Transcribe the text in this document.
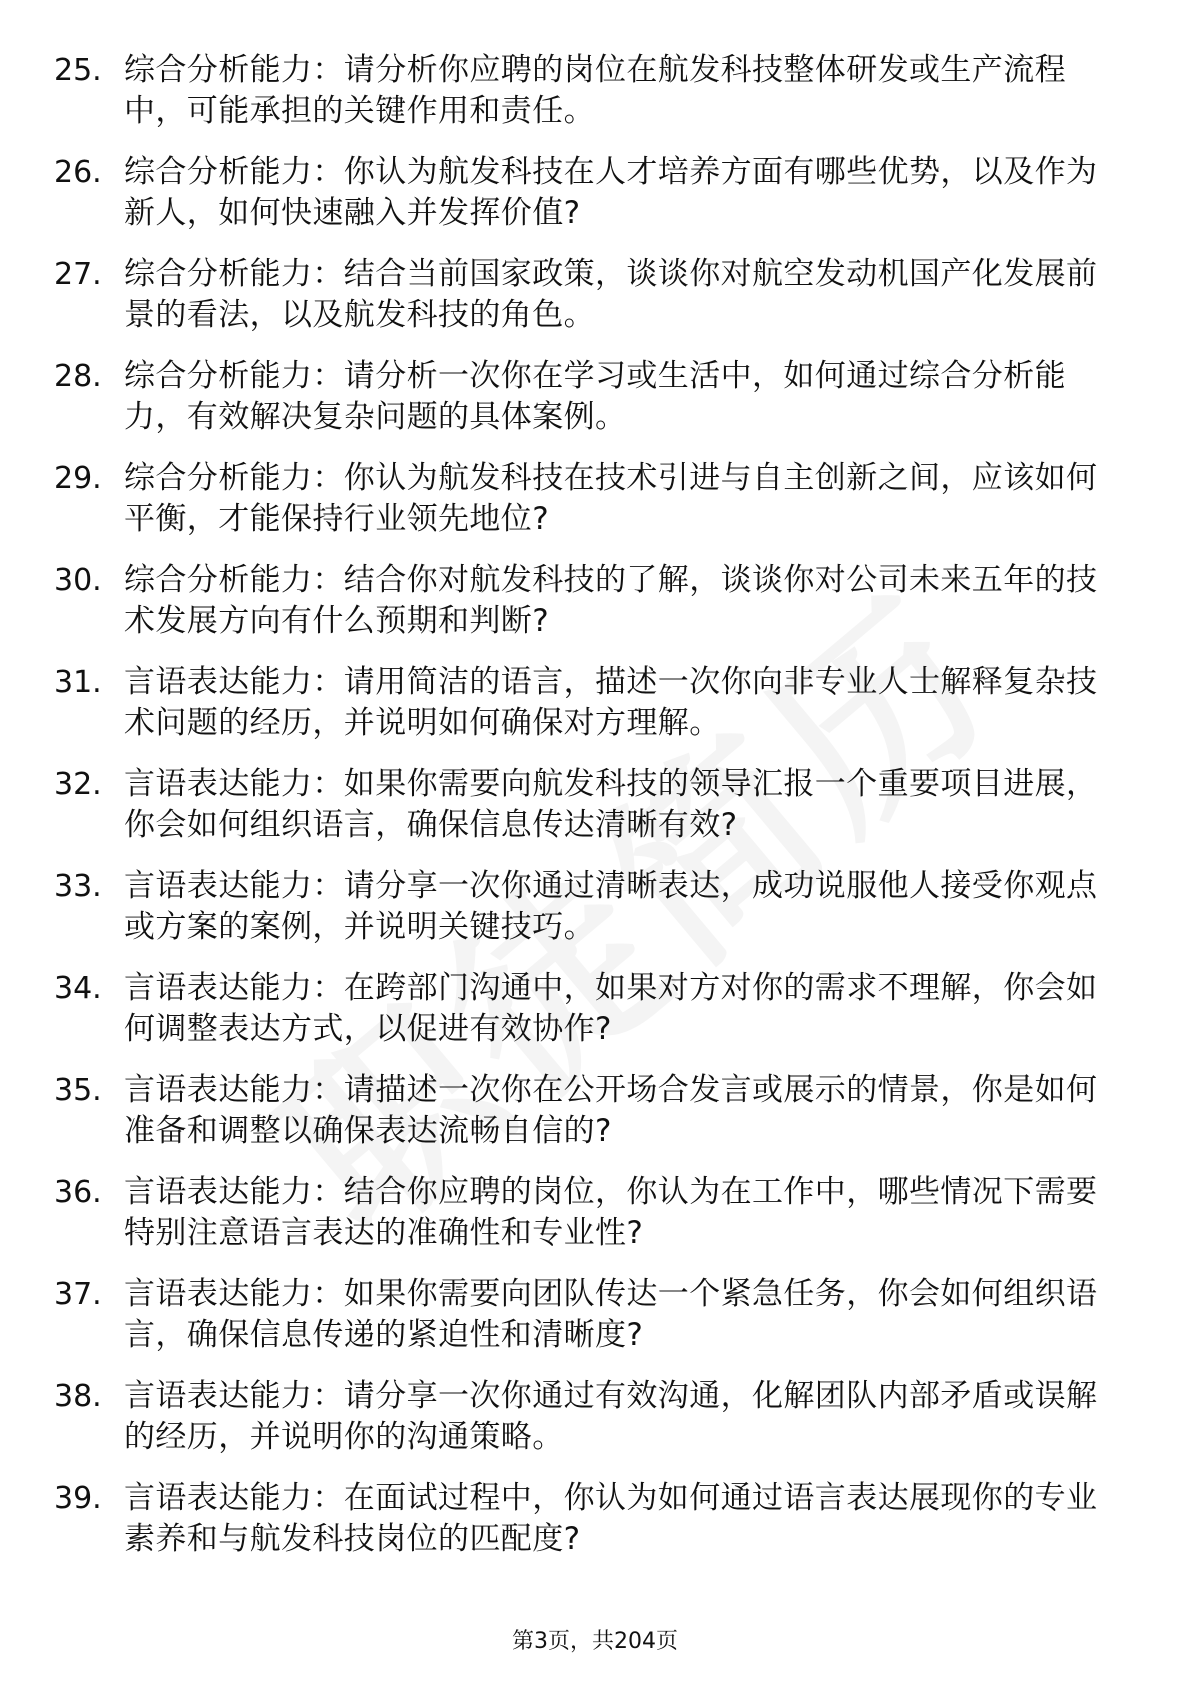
25. 综合分析能力：请分析你应聘的岗位在航发科技整体研发或生产流程中，可能承担的关键作用和责任。
26. 综合分析能力：你认为航发科技在人才培养方面有哪些优势，以及作为新人，如何快速融入并发挥价值?
27. 综合分析能力：结合当前国家政策，谈谈你对航空发动机国产化发展前景的看法，以及航发科技的角色。
28. 综合分析能力：请分析一次你在学习或生活中，如何通过综合分析能力，有效解决复杂问题的具体案例。
29. 综合分析能力：你认为航发科技在技术引进与自主创新之间，应该如何平衡，才能保持行业领先地位?
30. 综合分析能力：结合你对航发科技的了解，谈谈你对公司未来五年的技术发展方向有什么预期和判断?
31. 言语表达能力：请用简洁的语言，描述一次你向非专业人士解释复杂技术问题的经历，并说明如何确保对方理解。
32. 言语表达能力：如果你需要向航发科技的领导汇报一个重要项目进展，你会如何组织语言，确保信息传达清晰有效?
33. 言语表达能力：请分享一次你通过清晰表达，成功说服他人接受你观点或方案的案例，并说明关键技巧。
34. 言语表达能力：在跨部门沟通中，如果对方对你的需求不理解，你会如何调整表达方式，以促进有效协作?
35. 言语表达能力：请描述一次你在公开场合发言或展示的情景，你是如何准备和调整以确保表达流畅自信的?
36. 言语表达能力：结合你应聘的岗位，你认为在工作中，哪些情况下需要特别注意语言表达的准确性和专业性?
37. 言语表达能力：如果你需要向团队传达一个紧急任务，你会如何组织语言，确保信息传递的紧迫性和清晰度?
38. 言语表达能力：请分享一次你通过有效沟通，化解团队内部矛盾或误解的经历，并说明你的沟通策略。
39. 言语表达能力：在面试过程中，你认为如何通过语言表达展现你的专业素养和与航发科技岗位的匹配度?
第3页，共204页
